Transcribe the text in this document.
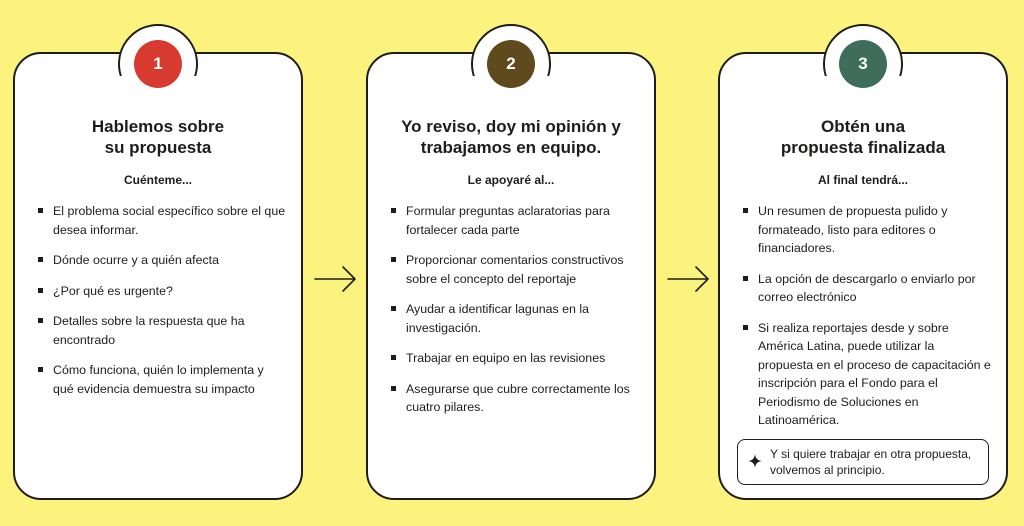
1
Hablemos sobre
su propuesta

Cuénteme...

El problema social específico sobre el que desea informar.
Dónde ocurre y a quién afecta
¿Por qué es urgente?
Detalles sobre la respuesta que ha encontrado
Cómo funciona, quién lo implementa y qué evidencia demuestra su impacto
2
Yo reviso, doy mi opinión y
trabajamos en equipo.

Le apoyaré al...

Formular preguntas aclaratorias para fortalecer cada parte
Proporcionar comentarios constructivos sobre el concepto del reportaje
Ayudar a identificar lagunas en la investigación.
Trabajar en equipo en las revisiones
Asegurarse que cubre correctamente los cuatro pilares.
3
Obtén una
propuesta finalizada

Al final tendrá...

Un resumen de propuesta pulido y formateado, listo para editores o financiadores.
La opción de descargarlo o enviarlo por correo electrónico
Si realiza reportajes desde y sobre América Latina, puede utilizar la propuesta en el proceso de capacitación e inscripción para el Fondo para el Periodismo de Soluciones en Latinoamérica.
Y si quiere trabajar en otra propuesta, volvemos al principio.
